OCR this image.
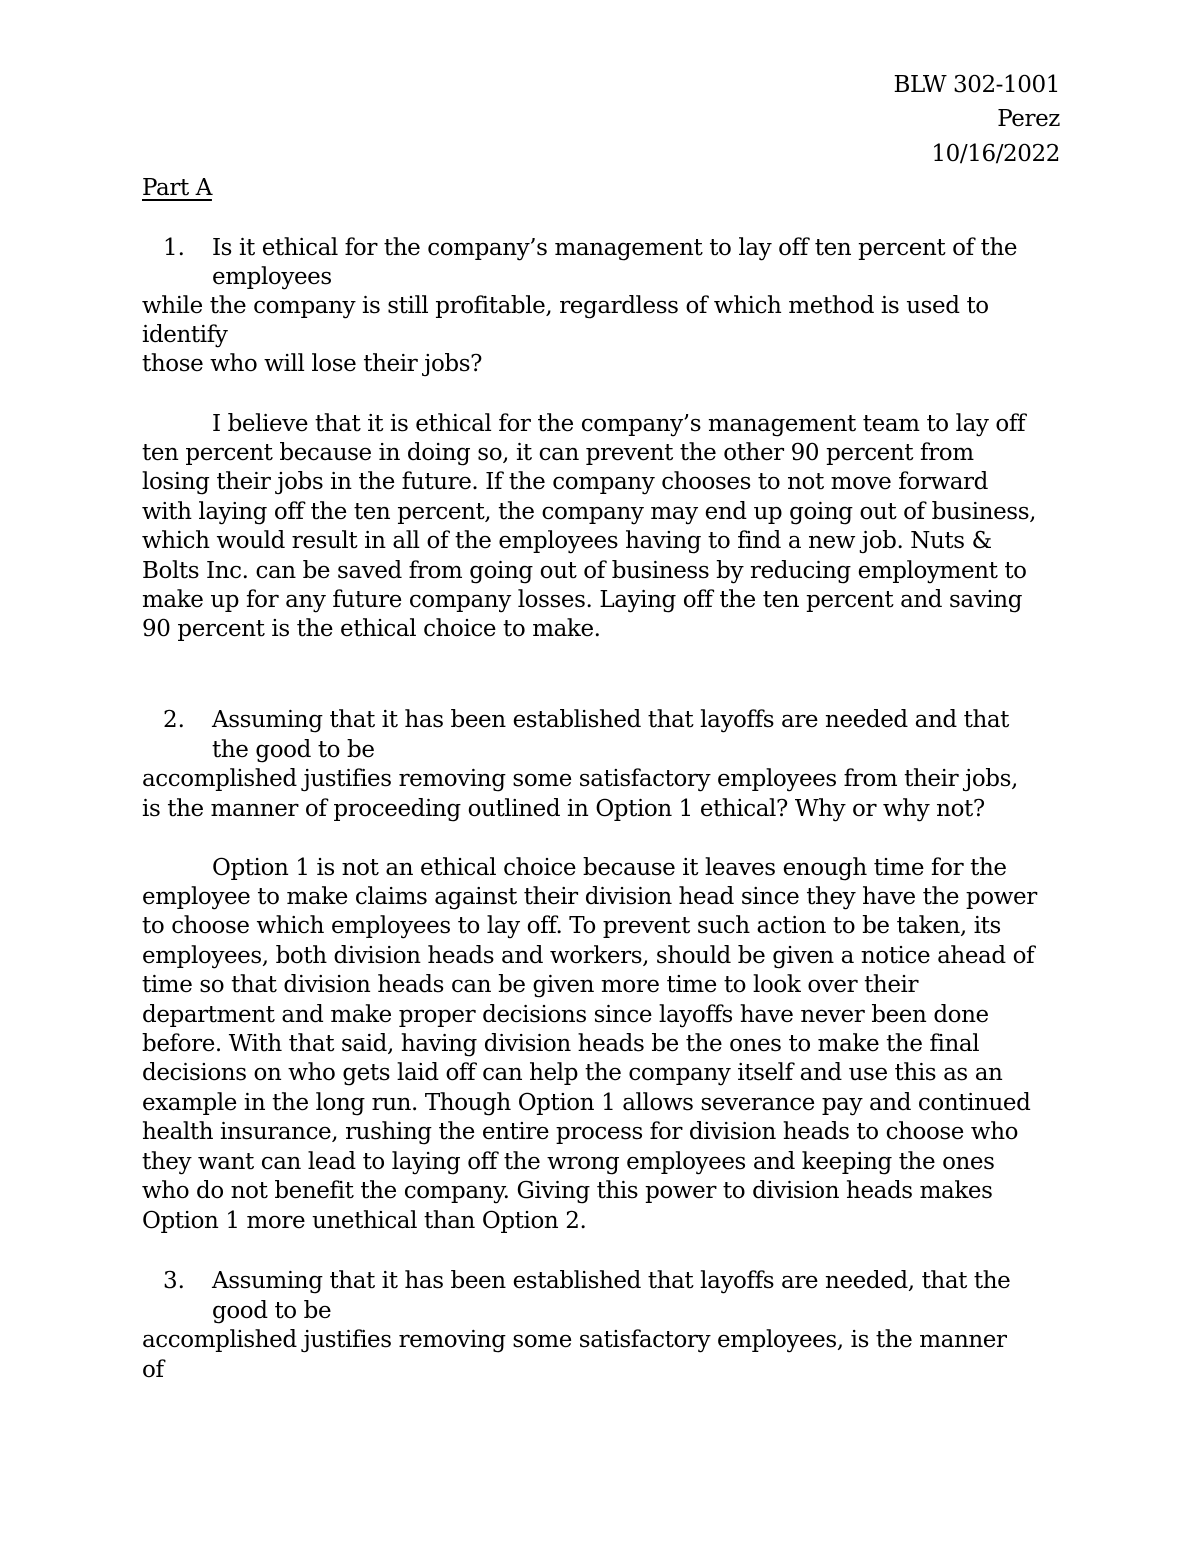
BLW 302-1001
Perez
10/16/2022
Part A
1. Is it ethical for the company’s management to lay off ten percent of the
employees
while the company is still profitable, regardless of which method is used to
identify
those who will lose their jobs?
I believe that it is ethical for the company’s management team to lay off
ten percent because in doing so, it can prevent the other 90 percent from
losing their jobs in the future. If the company chooses to not move forward
with laying off the ten percent, the company may end up going out of business,
which would result in all of the employees having to find a new job. Nuts &
Bolts Inc. can be saved from going out of business by reducing employment to
make up for any future company losses. Laying off the ten percent and saving
90 percent is the ethical choice to make.
2. Assuming that it has been established that layoffs are needed and that
the good to be
accomplished justifies removing some satisfactory employees from their jobs,
is the manner of proceeding outlined in Option 1 ethical? Why or why not?
Option 1 is not an ethical choice because it leaves enough time for the
employee to make claims against their division head since they have the power
to choose which employees to lay off. To prevent such action to be taken, its
employees, both division heads and workers, should be given a notice ahead of
time so that division heads can be given more time to look over their
department and make proper decisions since layoffs have never been done
before. With that said, having division heads be the ones to make the final
decisions on who gets laid off can help the company itself and use this as an
example in the long run. Though Option 1 allows severance pay and continued
health insurance, rushing the entire process for division heads to choose who
they want can lead to laying off the wrong employees and keeping the ones
who do not benefit the company. Giving this power to division heads makes
Option 1 more unethical than Option 2.
3. Assuming that it has been established that layoffs are needed, that the
good to be
accomplished justifies removing some satisfactory employees, is the manner
of
